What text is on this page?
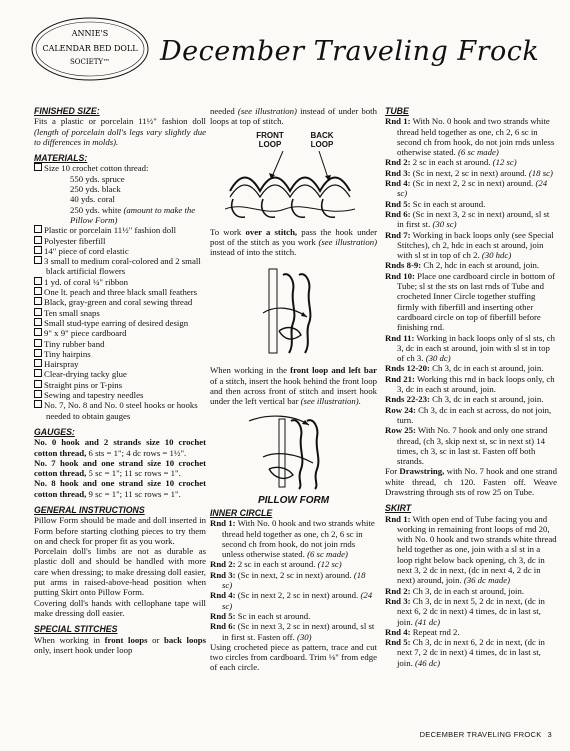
ANNIE'S
CALENDAR BED DOLL
SOCIETY™ December Traveling Frock
FINISHED SIZE:

Fits a plastic or porcelain 11½" fashion doll (length of porcelain doll's legs vary slightly due to differences in molds).

MATERIALS:

Size 10 crochet cotton thread:

550 yds. spruce
250 yds. black
40 yds. coral
250 yds. white (amount to make the Pillow Form)

Plastic or porcelain 11½" fashion doll

Polyester fiberfill

14" piece of cord elastic

3 small to medium coral-colored and 2 small black artificial flowers

1 yd. of coral ¼" ribbon

One lt. peach and three black small feathers

Black, gray-green and coral sewing thread

Ten small snaps

Small stud-type earring of desired design

9" x 9" piece cardboard

Tiny rubber band

Tiny hairpins

Hairspray

Clear-drying tacky glue

Straight pins or T-pins

Sewing and tapestry needles

No. 7, No. 8 and No. 0 steel hooks or hooks needed to obtain gauges

GAUGES:

No. 0 hook and 2 strands size 10 crochet cotton thread, 6 sts = 1"; 4 dc rows = 1½".

No. 7 hook and one strand size 10 crochet cotton thread, 5 sc = 1"; 11 sc rows = 1".

No. 8 hook and one strand size 10 crochet cotton thread, 9 sc = 1"; 11 sc rows = 1".

GENERAL INSTRUCTIONS

Pillow Form should be made and doll inserted in Form before starting clothing pieces to try them on and check for proper fit as you work.

Porcelain doll's limbs are not as durable as plastic doll and should be handled with more care when dressing; to make dressing doll easier, put arms in raised-above-head position when putting Skirt onto Pillow Form.

Covering doll's hands with cellophane tape will make dressing doll easier.

SPECIAL STITCHES

When working in front loops or back loops only, insert hook under loop

needed (see illustration) instead of under both loops at top of stitch.

FRONT LOOP
BACK LOOP

To work over a stitch, pass the hook under post of the stitch as you work (see illustration) instead of into the stitch.

When working in the front loop and left bar of a stitch, insert the hook behind the front loop and then across front of stitch and insert hook under the left vertical bar (see illustration).

PILLOW FORM
INNER CIRCLE

Rnd 1: With No. 0 hook and two strands white thread held together as one, ch 2, 6 sc in second ch from hook, do not join rnds unless otherwise stated. (6 sc made)

Rnd 2: 2 sc in each st around. (12 sc)

Rnd 3: (Sc in next, 2 sc in next) around. (18 sc)

Rnd 4: (Sc in next 2, 2 sc in next) around. (24 sc)

Rnd 5: Sc in each st around.

Rnd 6: (Sc in next 3, 2 sc in next) around, sl st in first st. Fasten off. (30)

Using crocheted piece as pattern, trace and cut two circles from cardboard. Trim ⅛" from edge of each circle.

TUBE

Rnd 1: With No. 0 hook and two strands white thread held together as one, ch 2, 6 sc in second ch from hook, do not join rnds unless otherwise stated. (6 sc made)

Rnd 2: 2 sc in each st around. (12 sc)

Rnd 3: (Sc in next, 2 sc in next) around. (18 sc)

Rnd 4: (Sc in next 2, 2 sc in next) around. (24 sc)

Rnd 5: Sc in each st around.

Rnd 6: (Sc in next 3, 2 sc in next) around, sl st in first st. (30 sc)

Rnd 7: Working in back loops only (see Special Stitches), ch 2, hdc in each st around, join with sl st in top of ch 2. (30 hdc)

Rnds 8-9: Ch 2, hdc in each st around, join.

Rnd 10: Place one cardboard circle in bottom of Tube; sl st the sts on last rnds of Tube and crocheted Inner Circle together stuffing firmly with fiberfill and inserting other cardboard circle on top of fiberfill before finishing rnd.

Rnd 11: Working in back loops only of sl sts, ch 3, dc in each st around, join with sl st in top of ch 3. (30 dc)

Rnds 12-20: Ch 3, dc in each st around, join.

Rnd 21: Working this rnd in back loops only, ch 3, dc in each st around, join.

Rnds 22-23: Ch 3, dc in each st around, join.

Row 24: Ch 3, dc in each st across, do not join, turn.

Row 25: With No. 7 hook and only one strand thread, (ch 3, skip next st, sc in next st) 14 times, ch 3, sc in last st. Fasten off both strands.

For Drawstring, with No. 7 hook and one strand white thread, ch 120. Fasten off. Weave Drawstring through sts of row 25 on Tube.

SKIRT

Rnd 1: With open end of Tube facing you and working in remaining front loops of rnd 20, with No. 0 hook and two strands white thread held together as one, join with a sl st in a loop right below back opening, ch 3, dc in next 3, 2 dc in next, (dc in next 4, 2 dc in next) around, join. (36 dc made)

Rnd 2: Ch 3, dc in each st around, join.

Rnd 3: Ch 3, dc in next 5, 2 dc in next, (dc in next 6, 2 dc in next) 4 times, dc in last st, join. (41 dc)

Rnd 4: Repeat rnd 2.

Rnd 5: Ch 3, dc in next 6, 2 dc in next, (dc in next 7, 2 dc in next) 4 times, dc in last st, join. (46 dc)

DECEMBER TRAVELING FROCK 3
